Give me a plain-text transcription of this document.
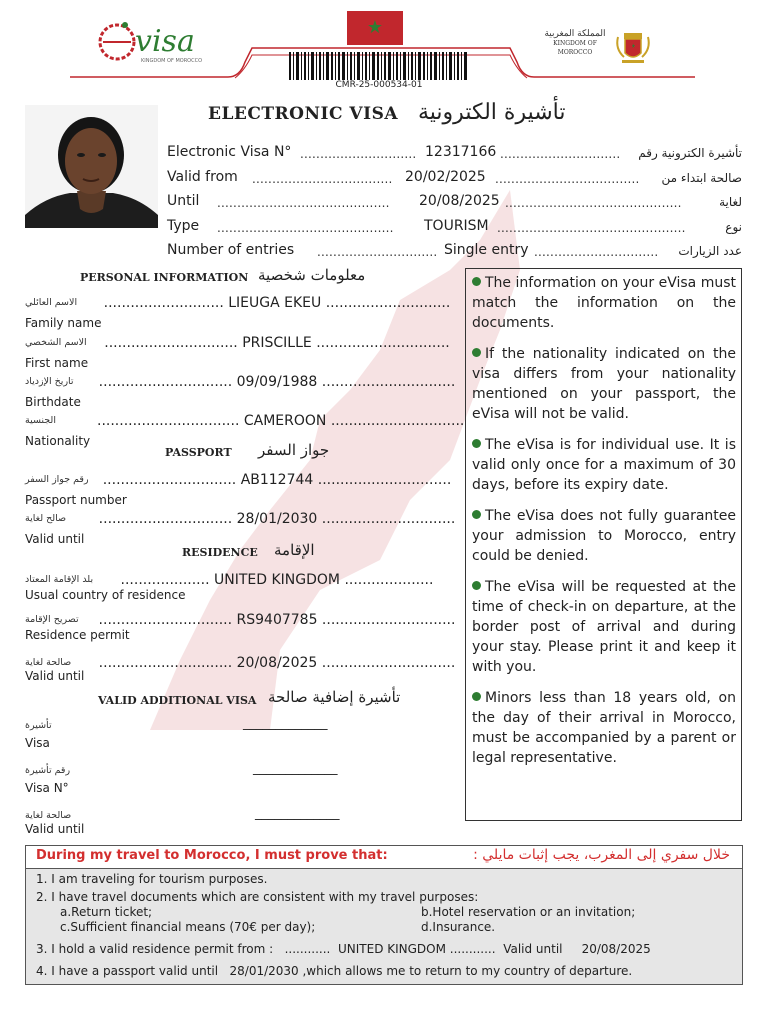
visa
KINGDOM OF MOROCCO
★
CMR-25-000534-01
المملكة المغربية
KINGDOM OF MOROCCO
ELECTRONIC VISA تأشيرة الكترونية
Electronic Visa N° ............................. 12317166 .............................. تأشيرة الكترونية رقم
Valid from ................................... 20/02/2025 .................................... صالحة ابتداء من
Until ........................................... 20/08/2025 ............................................	لغاية
Type ............................................ TOURISM ...............................................	نوع
Number of entries .............................. Single entry ............................... عدد الزيارات
PERSONAL INFORMATION معلومات شخصية
الاسم العائلي
Family name
........................... LIEUGA EKEU ............................
الاسم الشخصي
First name
.............................. PRISCILLE ..............................
تاريخ الإزدياد
Birthdate
.............................. 09/09/1988 ..............................
الجنسية
Nationality
................................ CAMEROON ..............................
PASSPORT جواز السفر
رقم جواز السفر
Passport number
.............................. AB112744 ..............................
صالح لغاية
Valid until
.............................. 28/01/2030 ..............................
RESIDENCE الإقامة
بلد الإقامة المعتاد
Usual country of residence
.................... UNITED KINGDOM ....................
تصريح الإقامة
Residence permit
.............................. RS9407785 ..............................
صالحة لغاية
Valid until
.............................. 20/08/2025 ..............................
VALID ADDITIONAL VISA تأشيرة إضافية صالحة
تأشيرة
Visa
_____________
رقم تأشيرة
Visa N°
_____________
صالحة لغاية
Valid until
_____________

The information on your eVisa must match the information on the documents.

If the nationality indicated on the visa differs from your nationality mentioned on your passport, the eVisa will not be valid.

The eVisa is for individual use. It is valid only once for a maximum of 30 days, before its expiry date.

The eVisa does not fully guarantee your admission to Morocco, entry could be denied.

The eVisa will be requested at the time of check-in on departure, at the border post of arrival and during your stay. Please print it and keep it with you.

Minors less than 18 years old, on the day of their arrival in Morocco, must be accompanied by a parent or legal representative.

During my travel to Morocco, I must prove that:	خلال سفري إلى المغرب، يجب إثبات مايلي :
1. I am traveling for tourism purposes.
2. I have travel documents which are consistent with my travel purposes:
a.Return ticket;	b.Hotel reservation or an invitation;
c.Sufficient financial means (70€ per day);	d.Insurance.
3. I hold a valid residence permit from :   ............  UNITED KINGDOM ............  Valid until     20/08/2025
4. I have a passport valid until   28/01/2030 ,which allows me to return to my country of departure.
